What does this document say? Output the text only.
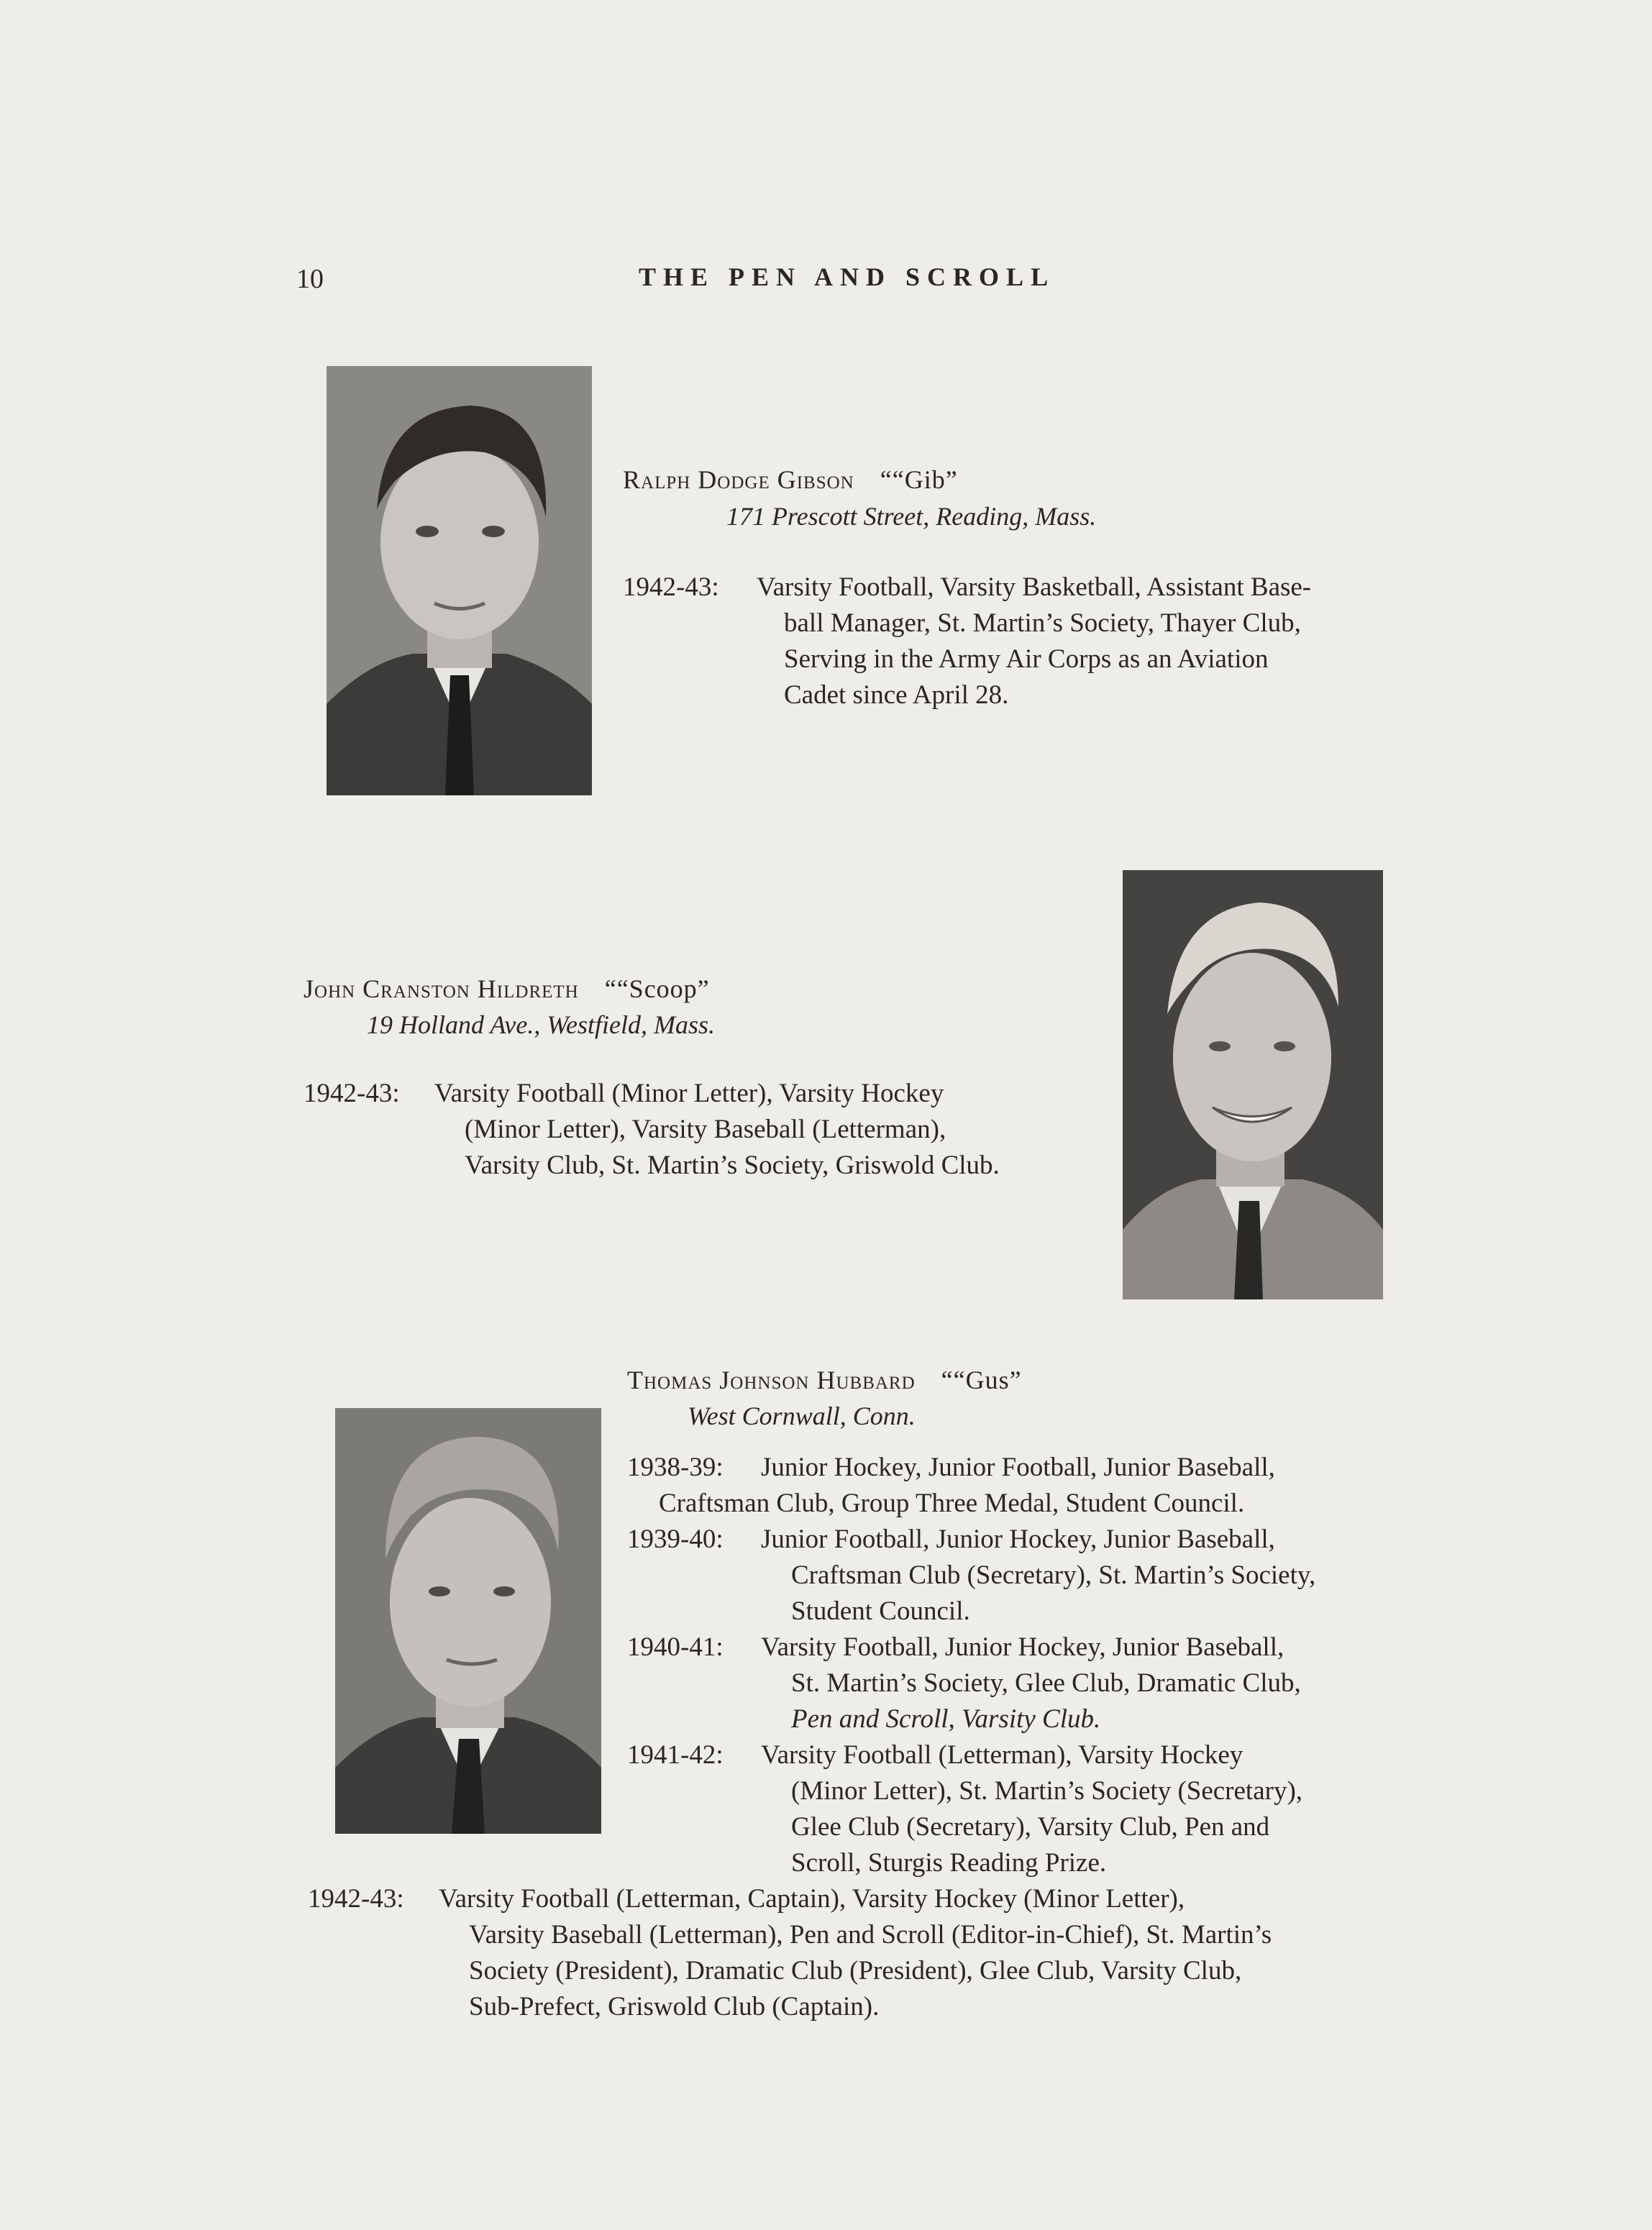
10	THE PEN AND SCROLL
Ralph Dodge Gibson ““Gib”
171 Prescott Street, Reading, Mass.
1942-43: Varsity Football, Varsity Basketball, Assistant Base-
ball Manager, St. Martin’s Society, Thayer Club,
Serving in the Army Air Corps as an Aviation
Cadet since April 28.
John Cranston Hildreth ““Scoop”
19 Holland Ave., Westfield, Mass.
1942-43: Varsity Football (Minor Letter), Varsity Hockey
(Minor Letter), Varsity Baseball (Letterman),
Varsity Club, St. Martin’s Society, Griswold Club.
Thomas Johnson Hubbard ““Gus”
West Cornwall, Conn.
1938-39: Junior Hockey, Junior Football, Junior Baseball,
Craftsman Club, Group Three Medal, Student Council.
1939-40: Junior Football, Junior Hockey, Junior Baseball,
Craftsman Club (Secretary), St. Martin’s Society,
Student Council.
1940-41: Varsity Football, Junior Hockey, Junior Baseball,
St. Martin’s Society, Glee Club, Dramatic Club,
Pen and Scroll, Varsity Club.
1941-42: Varsity Football (Letterman), Varsity Hockey
(Minor Letter), St. Martin’s Society (Secretary),
Glee Club (Secretary), Varsity Club, Pen and
Scroll, Sturgis Reading Prize.
1942-43: Varsity Football (Letterman, Captain), Varsity Hockey (Minor Letter),
Varsity Baseball (Letterman), Pen and Scroll (Editor-in-Chief), St. Martin’s
Society (President), Dramatic Club (President), Glee Club, Varsity Club,
Sub-Prefect, Griswold Club (Captain).
